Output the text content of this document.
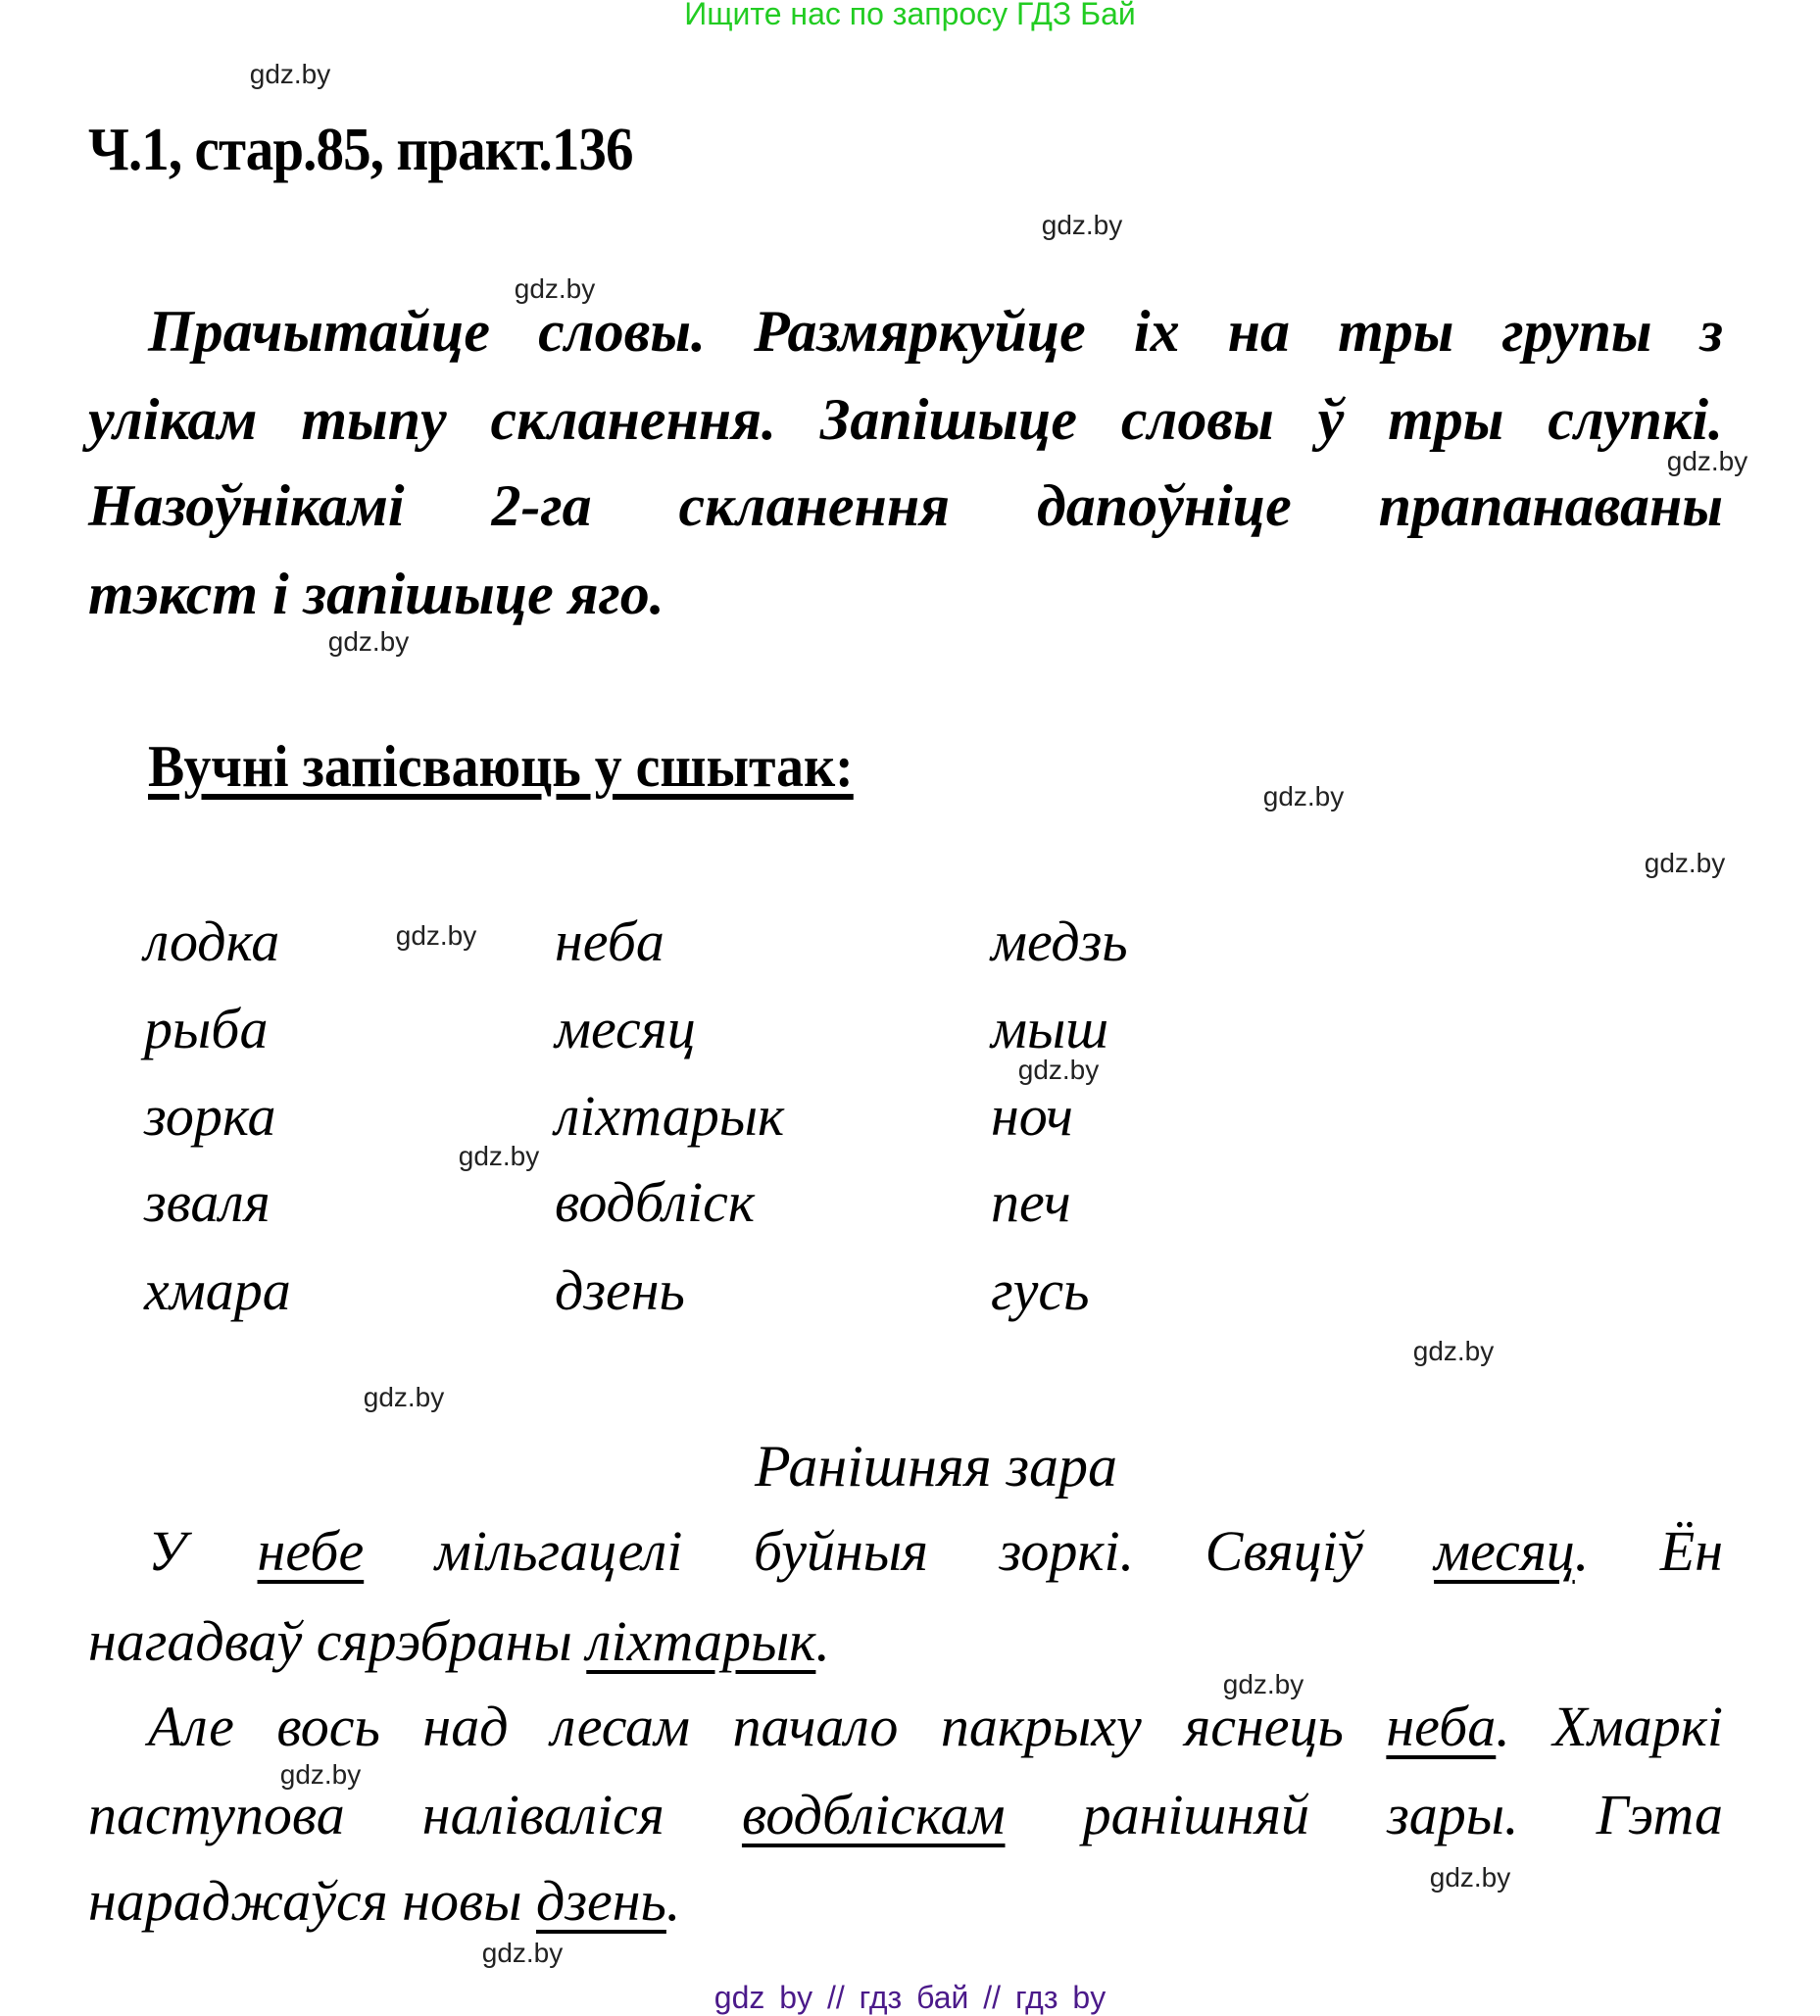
Ищите нас по запросу ГДЗ Бай
gdz.by
gdz.by
gdz.by
gdz.by
gdz.by
gdz.by
gdz.by
gdz.by
gdz.by
gdz.by
gdz.by
gdz.by
gdz.by
gdz.by
gdz.by
gdz.by
Ч.1, стар.85, практ.136
Прачытайце словы. Размяркуйце іх на тры групы з
улікам тыпу скланення. Запішыце словы ў тры слупкі.
Назоўнікамі 2-га скланення дапоўніце прапанаваны
тэкст і запішыце яго.
Вучні запісваюць у сшытак:
лодка
рыба
зорка
зваля
хмара
неба
месяц
ліхтарык
водбліск
дзень
медзь
мыш
ноч
печ
гусь
Ранішняя зара
У небе мільгацелі буйныя зоркі. Свяціў месяц. Ён
нагадваў сярэбраны ліхтарык.
Але вось над лесам пачало пакрыху яснець неба. Хмаркі
паступова наліваліся водбліскам ранішняй зары. Гэта
нараджаўся новы дзень.
gdz by // гдз бай // гдз by
